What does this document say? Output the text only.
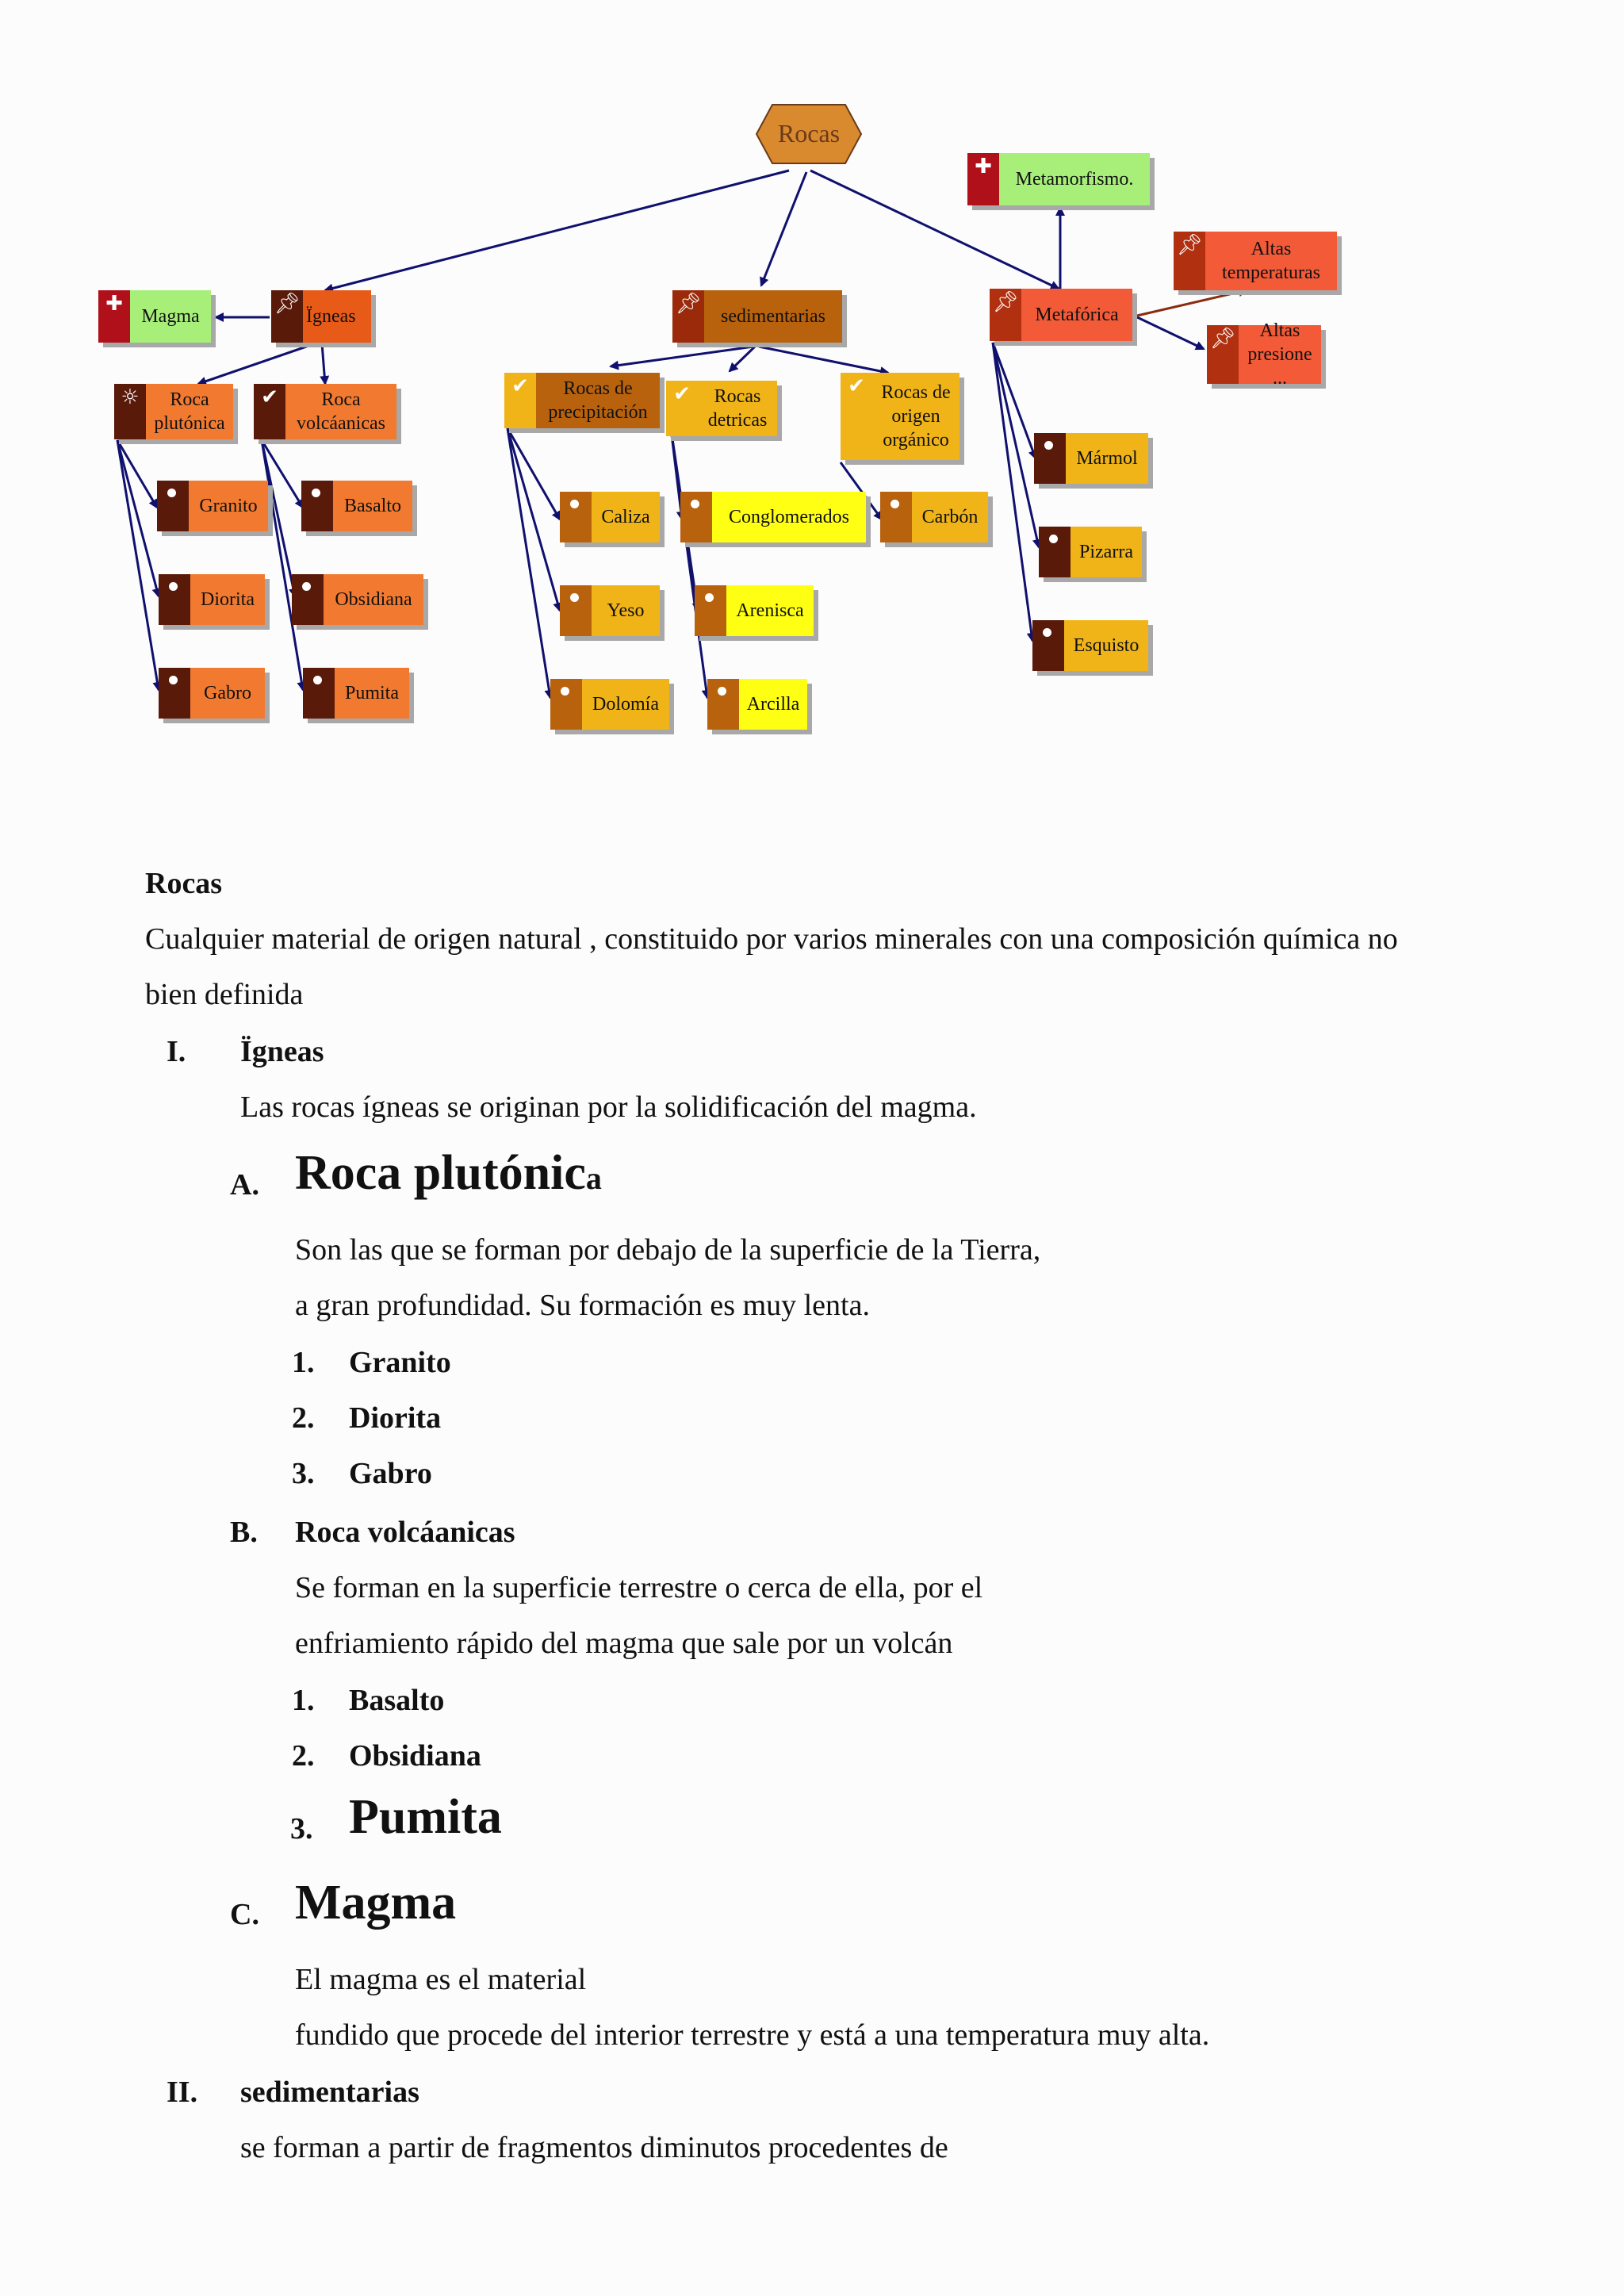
Rocas
✚
Metamorfismo.
✚
Magma
📌︎
Ïgneas
📌︎
sedimentarias
📌︎
Metafórica
📌︎	Altas temperaturas
📌︎	Altas presione ...
☼	Roca plutónica
✔	Roca volcáanicas
✔	Rocas de precipitación
✔	Rocas detricas
✔ Rocas de origen orgánico
Granito
Diorita
Gabro
Basalto
Obsidiana
Pumita
Caliza
Yeso
Dolomía
Conglomerados
Arenisca
Arcilla
Carbón
Mármol
Pizarra
Esquisto
Rocas
Cualquier material de origen natural , constituido por varios minerales con una composición química no
bien definida
I. Ïgneas
Las rocas ígneas se originan por la solidificación del magma.
A. Roca plutónica
Son las que se forman por debajo de la superficie de la Tierra,
a gran profundidad. Su formación es muy lenta.
1. Granito
2. Diorita
3. Gabro
B. Roca volcáanicas
Se forman en la superficie terrestre o cerca de ella, por el
enfriamiento rápido del magma que sale por un volcán
1. Basalto
2. Obsidiana
3. Pumita
C. Magma
El magma es el material
fundido que procede del interior terrestre y está a una temperatura muy alta.
II. sedimentarias
se forman a partir de fragmentos diminutos procedentes de
